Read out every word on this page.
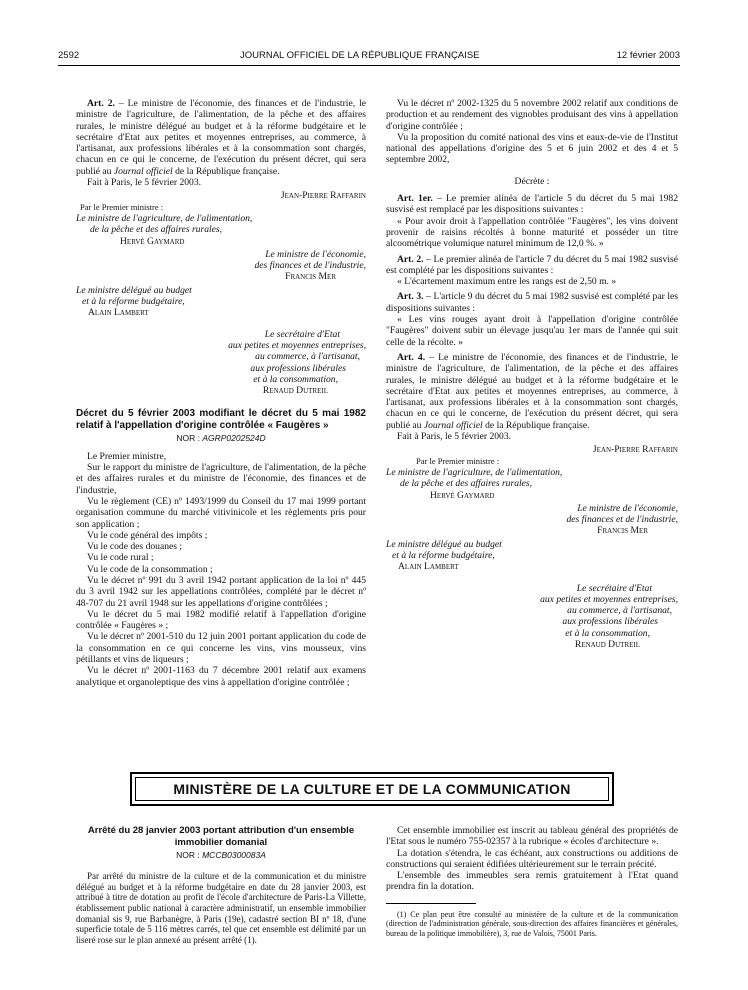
2592	JOURNAL OFFICIEL DE LA RÉPUBLIQUE FRANÇAISE	12 février 2003

Art. 2. – Le ministre de l'économie, des finances et de l'industrie, le ministre de l'agriculture, de l'alimentation, de la pêche et des affaires rurales, le ministre délégué au budget et à la réforme budgétaire et le secrétaire d'Etat aux petites et moyennes entreprises, au commerce, à l'artisanat, aux professions libérales et à la consommation sont chargés, chacun en ce qui le concerne, de l'exécution du présent décret, qui sera publié au Journal officiel de la République française.

Fait à Paris, le 5 février 2003.

Jean-Pierre Raffarin
Par le Premier ministre :
Le ministre de l'agriculture, de l'alimentation,
de la pêche et des affaires rurales,
Hervé Gaymard
Le ministre de l'économie,
des finances et de l'industrie,
Francis Mer
Le ministre délégué au budget
et à la réforme budgétaire,
Alain Lambert
Le secrétaire d'Etat
aux petites et moyennes entreprises,
au commerce, à l'artisanat,
aux professions libérales
et à la consommation,
Renaud Dutreil

Décret du 5 février 2003 modifiant le décret du 5 mai 1982 relatif à l'appellation d'origine contrôlée « Faugères »

NOR : AGRP0202524D

Le Premier ministre,

Sur le rapport du ministre de l'agriculture, de l'alimentation, de la pêche et des affaires rurales et du ministre de l'économie, des finances et de l'industrie,

Vu le règlement (CE) nº 1493/1999 du Conseil du 17 mai 1999 portant organisation commune du marché vitivinicole et les règlements pris pour son application ;

Vu le code général des impôts ;

Vu le code des douanes ;

Vu le code rural ;

Vu le code de la consommation ;

Vu le décret nº 991 du 3 avril 1942 portant application de la loi nº 445 du 3 avril 1942 sur les appellations contrôlées, complété par le décret nº 48-707 du 21 avril 1948 sur les appellations d'origine contrôlées ;

Vu le décret du 5 mai 1982 modifié relatif à l'appellation d'origine contrôlée « Faugères » ;

Vu le décret nº 2001-510 du 12 juin 2001 portant application du code de la consommation en ce qui concerne les vins, vins mousseux, vins pétillants et vins de liqueurs ;

Vu le décret nº 2001-1163 du 7 décembre 2001 relatif aux examens analytique et organoleptique des vins à appellation d'origine contrôlée ;

Vu le décret nº 2002-1325 du 5 novembre 2002 relatif aux conditions de production et au rendement des vignobles produisant des vins à appellation d'origine contrôlée ;

Vu la proposition du comité national des vins et eaux-de-vie de l'Institut national des appellations d'origine des 5 et 6 juin 2002 et des 4 et 5 septembre 2002,

Décrète :

Art. 1er. – Le premier alinéa de l'article 5 du décret du 5 mai 1982 susvisé est remplacé par les dispositions suivantes :

« Pour avoir droit à l'appellation contrôlée "Faugères", les vins doivent provenir de raisins récoltés à bonne maturité et posséder un titre alcoométrique volumique naturel minimum de 12,0 %. »

Art. 2. – Le premier alinéa de l'article 7 du décret du 5 mai 1982 susvisé est complété par les dispositions suivantes :

« L'écartement maximum entre les rangs est de 2,50 m. »

Art. 3. – L'article 9 du décret du 5 mai 1982 susvisé est complété par les dispositions suivantes :

« Les vins rouges ayant droit à l'appellation d'origine contrôlée "Faugères" doivent subir un élevage jusqu'au 1er mars de l'année qui suit celle de la récolte. »

Art. 4. – Le ministre de l'économie, des finances et de l'industrie, le ministre de l'agriculture, de l'alimentation, de la pêche et des affaires rurales, le ministre délégué au budget et à la réforme budgétaire et le secrétaire d'Etat aux petites et moyennes entreprises, au commerce, à l'artisanat, aux professions libérales et à la consommation sont chargés, chacun en ce qui le concerne, de l'exécution du présent décret, qui sera publié au Journal officiel de la République française.

Fait à Paris, le 5 février 2003.

Jean-Pierre Raffarin
Par le Premier ministre :
Le ministre de l'agriculture, de l'alimentation,
de la pêche et des affaires rurales,
Hervé Gaymard
Le ministre de l'économie,
des finances et de l'industrie,
Francis Mer
Le ministre délégué au budget
et à la réforme budgétaire,
Alain Lambert
Le secrétaire d'Etat
aux petites et moyennes entreprises,
au commerce, à l'artisanat,
aux professions libérales
et à la consommation,
Renaud Dutreil
MINISTÈRE DE LA CULTURE ET DE LA COMMUNICATION

Arrêté du 28 janvier 2003 portant attribution d'un ensemble immobilier domanial

NOR : MCCB0300083A

Par arrêté du ministre de la culture et de la communication et du ministre délégué au budget et à la réforme budgétaire en date du 28 janvier 2003, est attribué à titre de dotation au profit de l'école d'architecture de Paris-La Villette, établissement public national à caractère administratif, un ensemble immobilier domanial sis 9, rue Barbanègre, à Paris (19e), cadastré section BI nº 18, d'une superficie totale de 5 116 mètres carrés, tel que cet ensemble est délimité par un liseré rose sur le plan annexé au présent arrêté (1).

Cet ensemble immobilier est inscrit au tableau général des propriétés de l'Etat sous le numéro 755-02357 à la rubrique « écoles d'architecture ».

La dotation s'étendra, le cas échéant, aux constructions ou additions de constructions qui seraient édifiées ultérieurement sur le terrain précité.

L'ensemble des immeubles sera remis gratuitement à l'Etat quand prendra fin la dotation.

(1) Ce plan peut être consulté au ministère de la culture et de la communication (direction de l'administration générale, sous-direction des affaires financières et générales, bureau de la politique immobilière), 3, rue de Valois, 75001 Paris.
